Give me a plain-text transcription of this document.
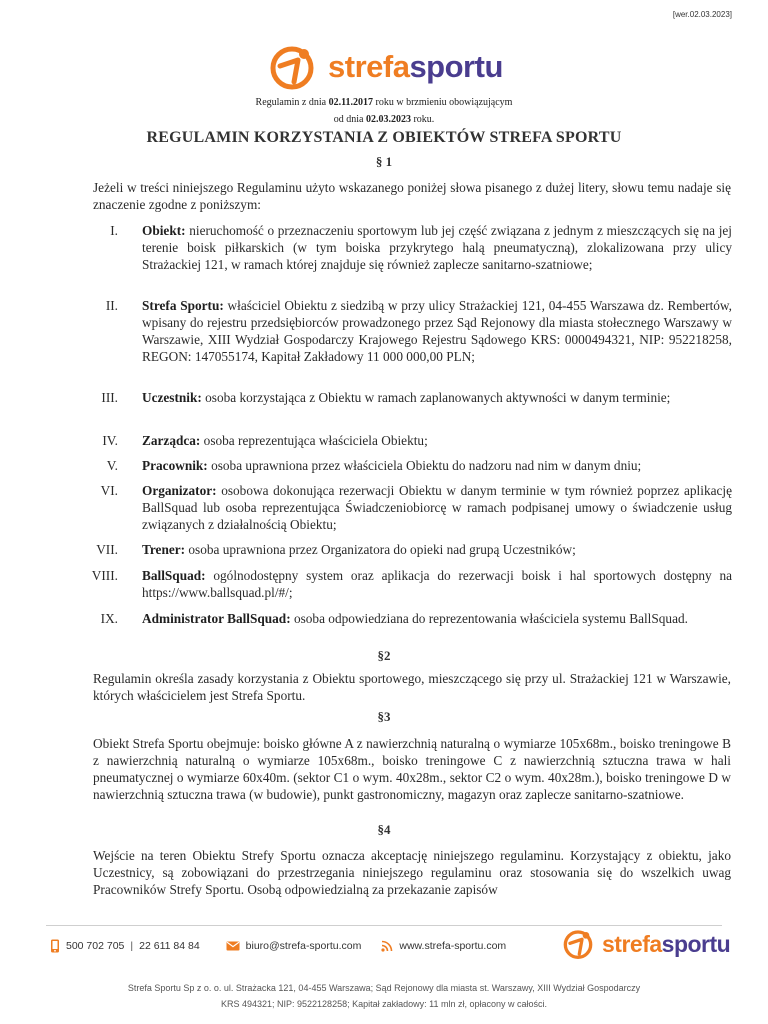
[wer.02.03.2023]
strefasportu
Regulamin z dnia 02.11.2017 roku w brzmieniu obowiązującym
od dnia 02.03.2023 roku.
REGULAMIN KORZYSTANIA Z OBIEKTÓW STREFA SPORTU
§ 1
Jeżeli w treści niniejszego Regulaminu użyto wskazanego poniżej słowa pisanego z dużej litery, słowu temu nadaje się znaczenie zgodne z poniższym:
I.	Obiekt: nieruchomość o przeznaczeniu sportowym lub jej część związana z jednym z mieszczących się na jej terenie boisk piłkarskich (w tym boiska przykrytego halą pneumatyczną), zlokalizowana przy ulicy Strażackiej 121, w ramach której znajduje się również zaplecze sanitarno-szatniowe;
II.	Strefa Sportu: właściciel Obiektu z siedzibą w przy ulicy Strażackiej 121, 04-455 Warszawa dz. Rembertów, wpisany do rejestru przedsiębiorców prowadzonego przez Sąd Rejonowy dla miasta stołecznego Warszawy w Warszawie, XIII Wydział Gospodarczy Krajowego Rejestru Sądowego KRS: 0000494321, NIP: 952218258, REGON: 147055174, Kapitał Zakładowy 11 000 000,00 PLN;
III.	Uczestnik: osoba korzystająca z Obiektu w ramach zaplanowanych aktywności w danym terminie;
IV.	Zarządca: osoba reprezentująca właściciela Obiektu;
V.	Pracownik: osoba uprawniona przez właściciela Obiektu do nadzoru nad nim w danym dniu;
VI.	Organizator: osobowa dokonująca rezerwacji Obiektu w danym terminie w tym również poprzez aplikację BallSquad lub osoba reprezentująca Świadczeniobiorcę w ramach podpisanej umowy o świadczenie usług związanych z działalnością Obiektu;
VII.	Trener: osoba uprawniona przez Organizatora do opieki nad grupą Uczestników;
VIII.	BallSquad: ogólnodostępny system oraz aplikacja do rezerwacji boisk i hal sportowych dostępny na https://www.ballsquad.pl/#/;
IX.	Administrator BallSquad: osoba odpowiedziana do reprezentowania właściciela systemu BallSquad.
§2
Regulamin określa zasady korzystania z Obiektu sportowego, mieszczącego się przy ul. Strażackiej 121 w Warszawie, których właścicielem jest Strefa Sportu.
§3
Obiekt Strefa Sportu obejmuje: boisko główne A z nawierzchnią naturalną o wymiarze 105x68m., boisko treningowe B z nawierzchnią naturalną o wymiarze 105x68m., boisko treningowe C z nawierzchnią sztuczna trawa w hali pneumatycznej o wymiarze 60x40m. (sektor C1 o wym. 40x28m., sektor C2 o wym. 40x28m.), boisko treningowe D w nawierzchnią sztuczna trawa (w budowie), punkt gastronomiczny, magazyn oraz zaplecze sanitarno-szatniowe.
§4
Wejście na teren Obiektu Strefy Sportu oznacza akceptację niniejszego regulaminu. Korzystający z obiektu, jako Uczestnicy, są zobowiązani do przestrzegania niniejszego regulaminu oraz stosowania się do wszelkich uwag Pracowników Strefy Sportu. Osobą odpowiedzialną za przekazanie zapisów
500 702 705 | 22 611 84 84	biuro@strefa-sportu.com	www.strefa-sportu.com	strefasportu
Strefa Sportu Sp z o. o. ul. Strażacka 121, 04-455 Warszawa; Sąd Rejonowy dla miasta st. Warszawy, XIII Wydział Gospodarczy
KRS 494321; NIP: 9522128258; Kapitał zakładowy: 11 mln zł, opłacony w całości.
